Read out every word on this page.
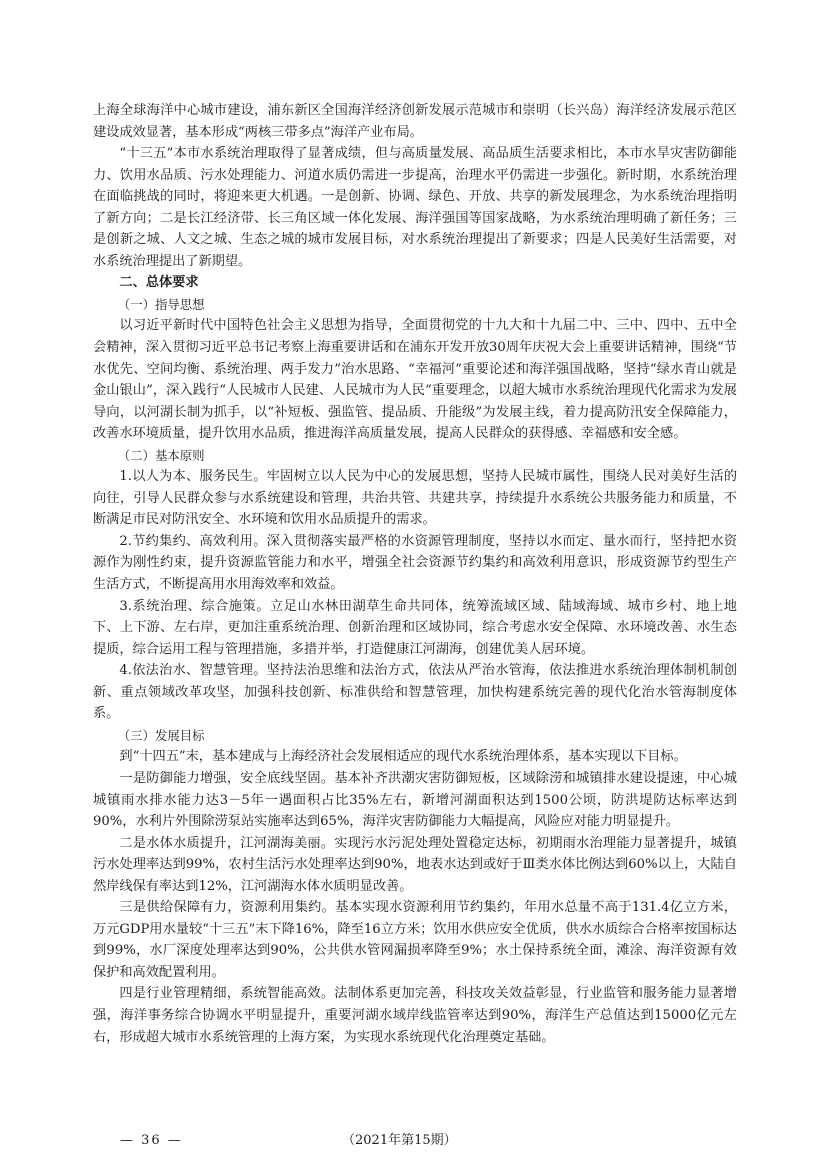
上海全球海洋中心城市建设，浦东新区全国海洋经济创新发展示范城市和崇明（长兴岛）海洋经济发展示范区建设成效显著，基本形成“两核三带多点”海洋产业布局。

“十三五”本市水系统治理取得了显著成绩，但与高质量发展、高品质生活要求相比，本市水旱灾害防御能力、饮用水品质、污水处理能力、河道水质仍需进一步提高，治理水平仍需进一步强化。新时期，水系统治理在面临挑战的同时，将迎来更大机遇。一是创新、协调、绿色、开放、共享的新发展理念，为水系统治理指明了新方向；二是长江经济带、长三角区域一体化发展、海洋强国等国家战略，为水系统治理明确了新任务；三是创新之城、人文之城、生态之城的城市发展目标，对水系统治理提出了新要求；四是人民美好生活需要，对水系统治理提出了新期望。

二、总体要求

（一）指导思想

以习近平新时代中国特色社会主义思想为指导，全面贯彻党的十九大和十九届二中、三中、四中、五中全会精神，深入贯彻习近平总书记考察上海重要讲话和在浦东开发开放30周年庆祝大会上重要讲话精神，围绕“节水优先、空间均衡、系统治理、两手发力”治水思路、“幸福河”重要论述和海洋强国战略，坚持“绿水青山就是金山银山”，深入践行“人民城市人民建、人民城市为人民”重要理念，以超大城市水系统治理现代化需求为发展导向，以河湖长制为抓手，以“补短板、强监管、提品质、升能级”为发展主线，着力提高防汛安全保障能力，改善水环境质量，提升饮用水品质，推进海洋高质量发展，提高人民群众的获得感、幸福感和安全感。

（二）基本原则

1.以人为本、服务民生。牢固树立以人民为中心的发展思想，坚持人民城市属性，围绕人民对美好生活的向往，引导人民群众参与水系统建设和管理，共治共管、共建共享，持续提升水系统公共服务能力和质量，不断满足市民对防汛安全、水环境和饮用水品质提升的需求。

2.节约集约、高效利用。深入贯彻落实最严格的水资源管理制度，坚持以水而定、量水而行，坚持把水资源作为刚性约束，提升资源监管能力和水平，增强全社会资源节约集约和高效利用意识，形成资源节约型生产生活方式，不断提高用水用海效率和效益。

3.系统治理、综合施策。立足山水林田湖草生命共同体，统筹流域区域、陆域海域、城市乡村、地上地下、上下游、左右岸，更加注重系统治理、创新治理和区域协同，综合考虑水安全保障、水环境改善、水生态提质，综合运用工程与管理措施，多措并举，打造健康江河湖海，创建优美人居环境。

4.依法治水、智慧管理。坚持法治思维和法治方式，依法从严治水管海，依法推进水系统治理体制机制创新、重点领域改革攻坚，加强科技创新、标准供给和智慧管理，加快构建系统完善的现代化治水管海制度体系。

（三）发展目标

到“十四五”末，基本建成与上海经济社会发展相适应的现代水系统治理体系，基本实现以下目标。

一是防御能力增强，安全底线坚固。基本补齐洪潮灾害防御短板，区域除涝和城镇排水建设提速，中心城城镇雨水排水能力达3－5年一遇面积占比35%左右，新增河湖面积达到1500公顷，防洪堤防达标率达到90%，水利片外围除涝泵站实施率达到65%，海洋灾害防御能力大幅提高，风险应对能力明显提升。

二是水体水质提升，江河湖海美丽。实现污水污泥处理处置稳定达标，初期雨水治理能力显著提升，城镇污水处理率达到99%，农村生活污水处理率达到90%，地表水达到或好于Ⅲ类水体比例达到60%以上，大陆自然岸线保有率达到12%，江河湖海水体水质明显改善。

三是供给保障有力，资源利用集约。基本实现水资源利用节约集约，年用水总量不高于131.4亿立方米，万元GDP用水量较“十三五”末下降16%，降至16立方米；饮用水供应安全优质，供水水质综合合格率按国标达到99%，水厂深度处理率达到90%，公共供水管网漏损率降至9%；水土保持系统全面，滩涂、海洋资源有效保护和高效配置利用。

四是行业管理精细，系统智能高效。法制体系更加完善，科技攻关效益彰显，行业监管和服务能力显著增强，海洋事务综合协调水平明显提升，重要河湖水域岸线监管率达到90%，海洋生产总值达到15000亿元左右，形成超大城市水系统管理的上海方案，为实现水系统现代化治理奠定基础。

— 36 —	（2021年第15期）
